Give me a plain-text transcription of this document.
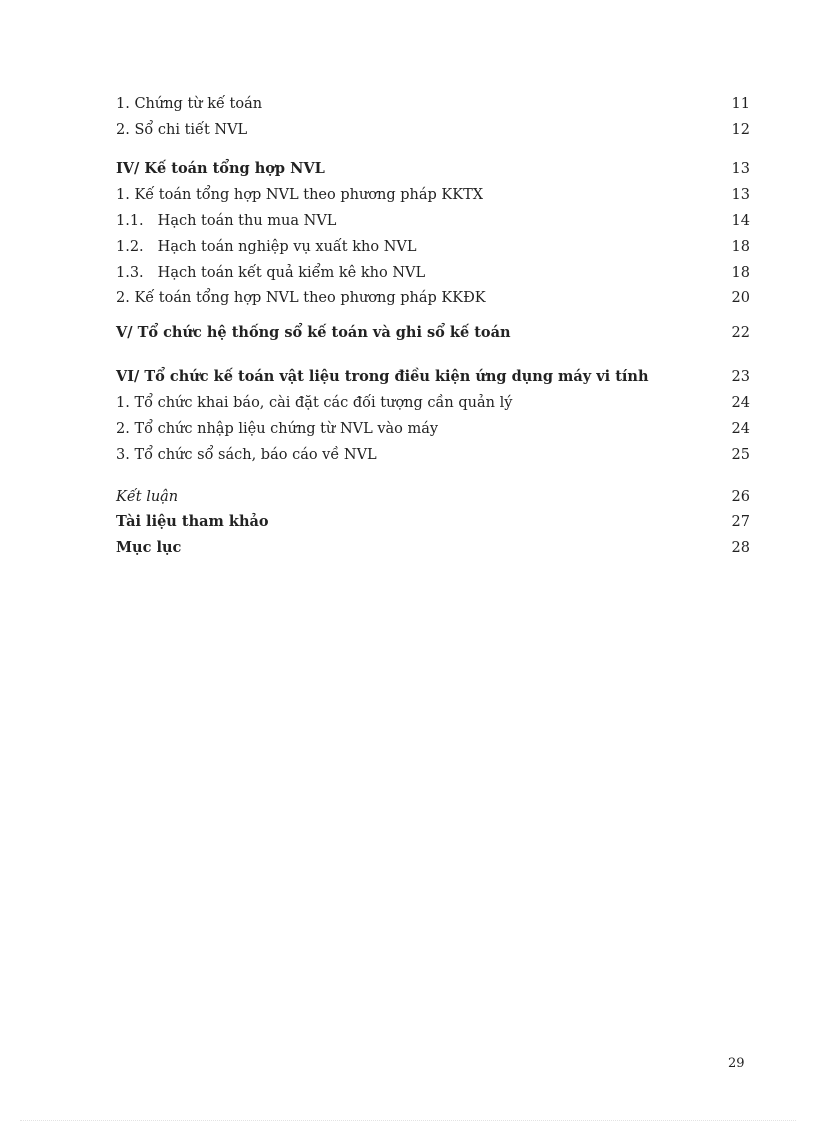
1. Chứng từ kế toán	11
2. Sổ chi tiết NVL	12
IV/ Kế toán tổng hợp NVL	13
1. Kế toán tổng hợp NVL theo phương pháp KKTX	13
1.1. Hạch toán thu mua NVL	14
1.2. Hạch toán nghiệp vụ xuất kho NVL	18
1.3. Hạch toán kết quả kiểm kê kho NVL	18
2. Kế toán tổng hợp NVL theo phương pháp KKĐK	20
V/ Tổ chức hệ thống sổ kế toán và ghi sổ kế toán	22
VI/ Tổ chức kế toán vật liệu trong điều kiện ứng dụng máy vi tính	23
1. Tổ chức khai báo, cài đặt các đối tượng cần quản lý	24
2. Tổ chức nhập liệu chứng từ NVL vào máy	24
3. Tổ chức sổ sách, báo cáo về NVL	25
Kết luận	26
Tài liệu tham khảo	27
Mục lục	28
29
